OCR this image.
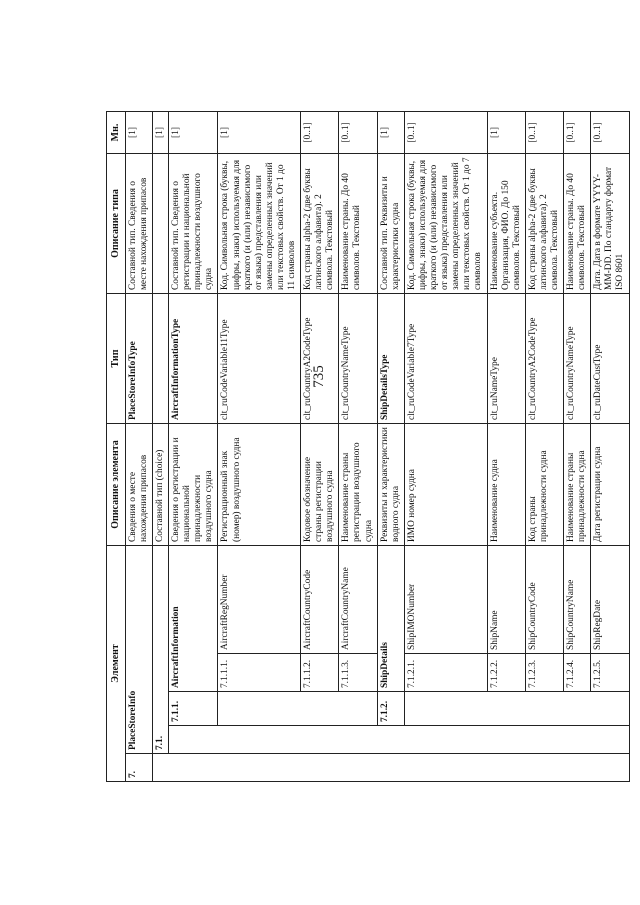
735
Элемент					Описание элемента	Тип	Описание типа	Мн.
7.	PlaceStoreInfo				Сведения о месте нахождения припасов	PlaceStoreInfoType	Составной тип. Сведения о месте нахождения припасов	[1]
	7.1.				Составной тип (choice)			[1]
		7.1.1.	AircraftInformation		Сведения о регистрации и национальной принадлежности воздушного судна	AircraftInformationType	Составной тип. Сведения о регистрации и национальной принадлежности воздушного судна	[1]
			7.1.1.1.	AircraftRegNumber	Регистрационный знак (номер) воздушного судна	clt_ruCodeVariable11Type	Код. Символьная строка (буквы, цифры, знаки) используемая для краткого (и (или) независимого от языка) представления или замены определенных значений или текстовых свойств. От 1 до 11 символов	[1]
			7.1.1.2.	AircraftCountryCode	Кодовое обозначение страны регистрации воздушного судна	clt_ruCountryA2CodeType	Код страны alpha-2 (две буквы латинского алфавита). 2 символа. Текстовый	[0..1]
			7.1.1.3.	AircraftCountryName	Наименование страны регистрации воздушного судна	clt_ruCountryNameType	Наименование страны. До 40 символов. Текстовый	[0..1]
		7.1.2.	ShipDetails		Реквизиты и характеристики водного судна	ShipDetailsType	Составной тип. Реквизиты и характеристики судна	[1]
			7.1.2.1.	ShipIMONumber	ИМО номер судна	clt_ruCodeVariable7Type	Код. Символьная строка (буквы, цифры, знаки) используемая для краткого (и (или) независимого от языка) представления или замены определенных значений или текстовых свойств. От 1 до 7 символов	[0..1]
			7.1.2.2.	ShipName	Наименование судна	clt_ruNameType	Наименование субъекта. Организация, ФИО. До 150 символов. Текстовый	[1]
			7.1.2.3.	ShipCountryCode	Код страны принадлежности судна	clt_ruCountryA2CodeType	Код страны alpha-2 (две буквы латинского алфавита). 2 символа. Текстовый	[0..1]
			7.1.2.4.	ShipCountryName	Наименование страны принадлежности судна	clt_ruCountryNameType	Наименование страны. До 40 символов. Текстовый	[0..1]
			7.1.2.5.	ShipRegDate	Дата регистрации судна	clt_ruDateCustType	Дата. Дата в формате YYYY-MM-DD. По стандарту формат ISO 8601	[0..1]
